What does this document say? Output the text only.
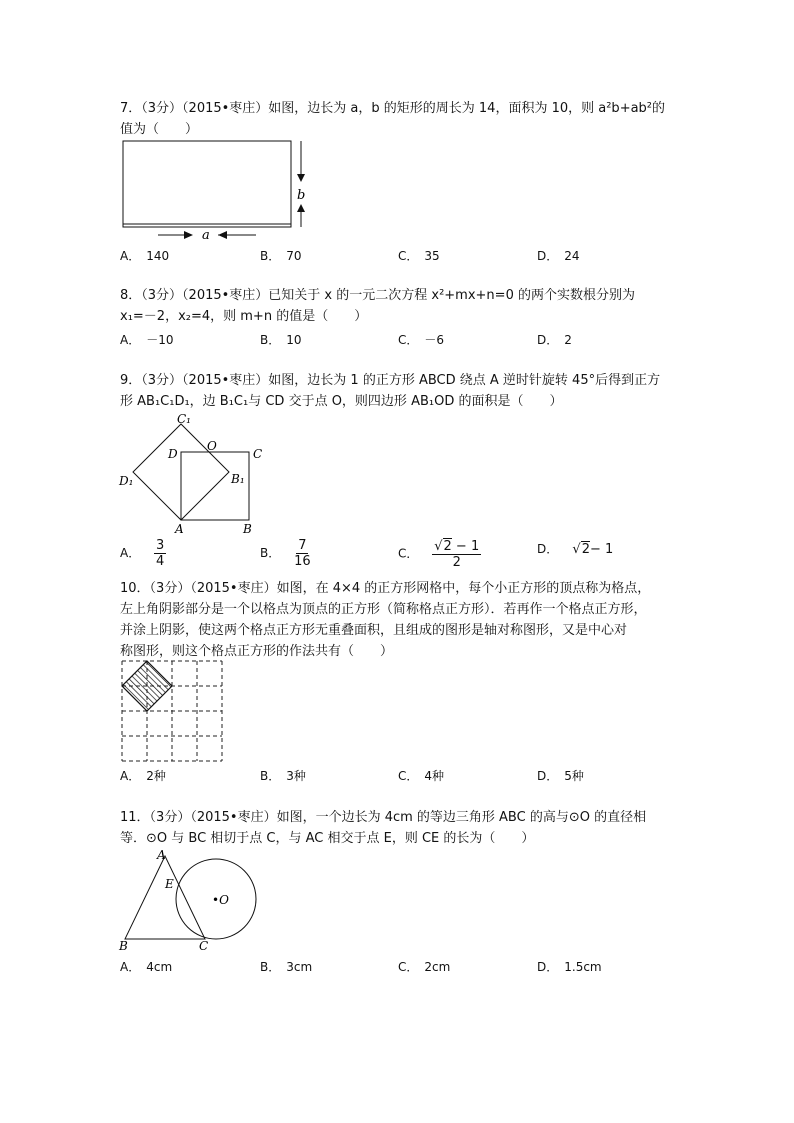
7．（3分）（2015•枣庄）如图，边长为 a，b 的矩形的周长为 14，面积为 10，则 a²b+ab²的
值为（　　）
b
a
A．　140	B．　70	C．　35	D．　24
8．（3分）（2015•枣庄）已知关于 x 的一元二次方程 x²+mx+n=0 的两个实数根分别为
x₁=－2，x₂=4，则 m+n 的值是（　　）
A．　－10	B．　10	C．　－6	D．　2
9．（3分）（2015•枣庄）如图，边长为 1 的正方形 ABCD 绕点 A 逆时针旋转 45°后得到正方
形 AB₁C₁D₁，边 B₁C₁与 CD 交于点 O，则四边形 AB₁OD 的面积是（　　）
C₁
D
O
C
D₁	B₁
A	B
A． $\frac{3}{4}$	B． $\frac{7}{16}$	C． $\frac{√2 - 1}{2}$	D． √2− 1
10．（3分）（2015•枣庄）如图，在 4×4 的正方形网格中，每个小正方形的顶点称为格点，
左上角阴影部分是一个以格点为顶点的正方形（简称格点正方形）．若再作一个格点正方形，
并涂上阴影，使这两个格点正方形无重叠面积，且组成的图形是轴对称图形，又是中心对
称图形，则这个格点正方形的作法共有（　　）
A．　2种	B．　3种	C．　4种	D．　5种
11．（3分）（2015•枣庄）如图，一个边长为 4cm 的等边三角形 ABC 的高与⊙O 的直径相
等．⊙O 与 BC 相切于点 C，与 AC 相交于点 E，则 CE 的长为（　　）
A
E
•O
B	C
A．　4cm	B．　3cm	C．　2cm	D．　1.5cm
